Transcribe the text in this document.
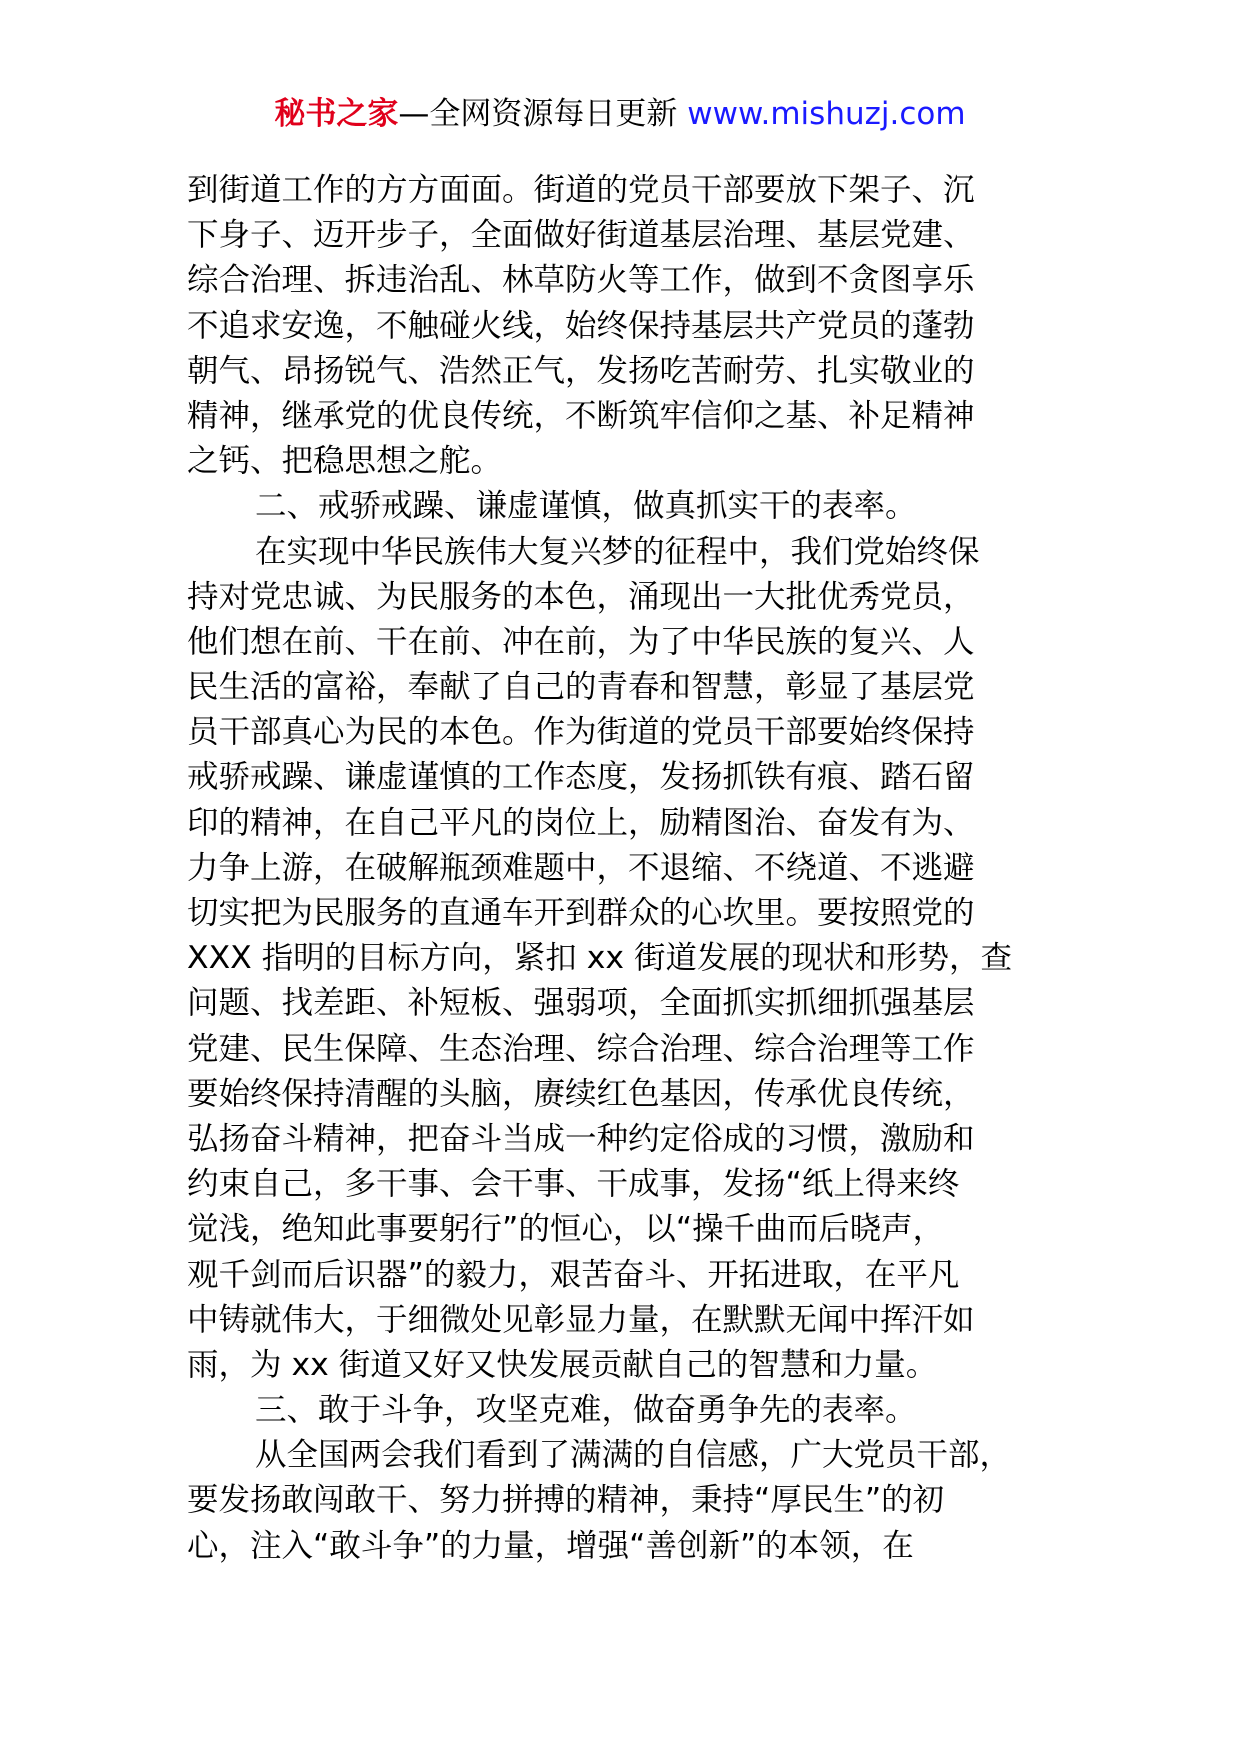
秘书之家—全网资源每日更新 www.mishuzj.com
到街道工作的方方面面。街道的党员干部要放下架子、沉
下身子、迈开步子，全面做好街道基层治理、基层党建、
综合治理、拆违治乱、林草防火等工作，做到不贪图享乐
不追求安逸，不触碰火线，始终保持基层共产党员的蓬勃
朝气、昂扬锐气、浩然正气，发扬吃苦耐劳、扎实敬业的
精神，继承党的优良传统，不断筑牢信仰之基、补足精神
之钙、把稳思想之舵。
二、戒骄戒躁、谦虚谨慎，做真抓实干的表率。
在实现中华民族伟大复兴梦的征程中，我们党始终保
持对党忠诚、为民服务的本色，涌现出一大批优秀党员，
他们想在前、干在前、冲在前，为了中华民族的复兴、人
民生活的富裕，奉献了自己的青春和智慧，彰显了基层党
员干部真心为民的本色。作为街道的党员干部要始终保持
戒骄戒躁、谦虚谨慎的工作态度，发扬抓铁有痕、踏石留
印的精神，在自己平凡的岗位上，励精图治、奋发有为、
力争上游，在破解瓶颈难题中，不退缩、不绕道、不逃避
切实把为民服务的直通车开到群众的心坎里。要按照党的
XXX 指明的目标方向，紧扣 xx 街道发展的现状和形势，查
问题、找差距、补短板、强弱项，全面抓实抓细抓强基层
党建、民生保障、生态治理、综合治理、综合治理等工作
要始终保持清醒的头脑，赓续红色基因，传承优良传统，
弘扬奋斗精神，把奋斗当成一种约定俗成的习惯，激励和
约束自己，多干事、会干事、干成事，发扬“纸上得来终
觉浅，绝知此事要躬行”的恒心，以“操千曲而后晓声，
观千剑而后识器”的毅力，艰苦奋斗、开拓进取，在平凡
中铸就伟大，于细微处见彰显力量，在默默无闻中挥汗如
雨，为 xx 街道又好又快发展贡献自己的智慧和力量。
三、敢于斗争，攻坚克难，做奋勇争先的表率。
从全国两会我们看到了满满的自信感，广大党员干部，
要发扬敢闯敢干、努力拼搏的精神，秉持“厚民生”的初
心，注入“敢斗争”的力量，增强“善创新”的本领，在
